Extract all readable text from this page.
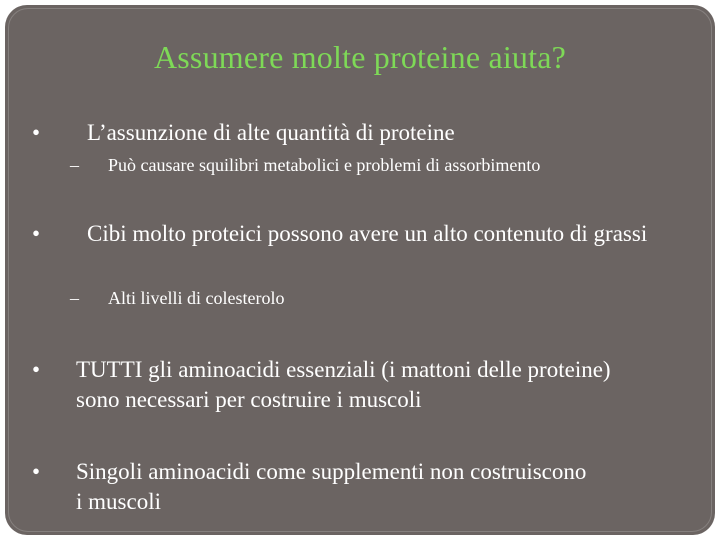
Assumere molte proteine aiuta?
•	L’assunzione di alte quantità di proteine
–	Può causare squilibri metabolici e problemi di assorbimento
•	Cibi molto proteici possono avere un alto contenuto di grassi
–	Alti livelli di colesterolo
•	TUTTI gli aminoacidi essenziali (i mattoni delle proteine) sono necessari per costruire i muscoli
•	Singoli aminoacidi come supplementi non costruiscono i muscoli
